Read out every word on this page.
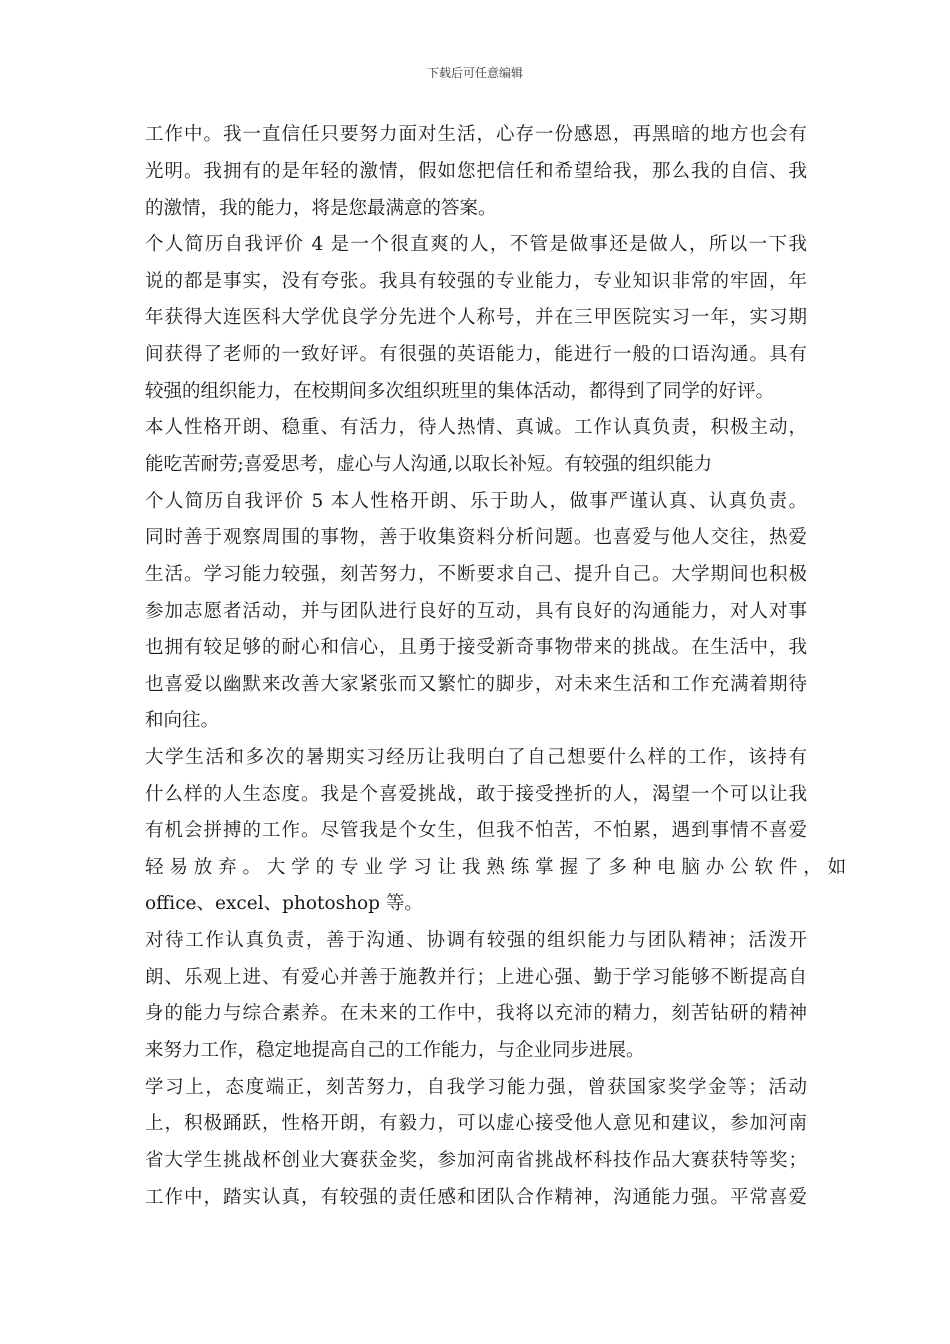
下载后可任意编辑
工作中。我一直信任只要努力面对生活，心存一份感恩，再黑暗的地方也会有
光明。我拥有的是年轻的激情，假如您把信任和希望给我，那么我的自信、我
的激情，我的能力，将是您最满意的答案。
个人简历自我评价 4 是一个很直爽的人，不管是做事还是做人，所以一下我
说的都是事实，没有夸张。我具有较强的专业能力，专业知识非常的牢固，年
年获得大连医科大学优良学分先进个人称号，并在三甲医院实习一年，实习期
间获得了老师的一致好评。有很强的英语能力，能进行一般的口语沟通。具有
较强的组织能力，在校期间多次组织班里的集体活动，都得到了同学的好评。
本人性格开朗、稳重、有活力，待人热情、真诚。工作认真负责，积极主动，
能吃苦耐劳;喜爱思考，虚心与人沟通,以取长补短。有较强的组织能力
个人简历自我评价 5 本人性格开朗、乐于助人，做事严谨认真、认真负责。
同时善于观察周围的事物，善于收集资料分析问题。也喜爱与他人交往，热爱
生活。学习能力较强，刻苦努力，不断要求自己、提升自己。大学期间也积极
参加志愿者活动，并与团队进行良好的互动，具有良好的沟通能力，对人对事
也拥有较足够的耐心和信心，且勇于接受新奇事物带来的挑战。在生活中，我
也喜爱以幽默来改善大家紧张而又繁忙的脚步，对未来生活和工作充满着期待
和向往。
大学生活和多次的暑期实习经历让我明白了自己想要什么样的工作，该持有
什么样的人生态度。我是个喜爱挑战，敢于接受挫折的人，渴望一个可以让我
有机会拼搏的工作。尽管我是个女生，但我不怕苦，不怕累，遇到事情不喜爱
轻 易 放 弃 。 大 学 的 专 业 学 习 让 我 熟 练 掌 握 了 多 种 电 脑 办 公 软 件 ， 如
office、excel、photoshop 等。
对待工作认真负责，善于沟通、协调有较强的组织能力与团队精神；活泼开
朗、乐观上进、有爱心并善于施教并行；上进心强、勤于学习能够不断提高自
身的能力与综合素养。在未来的工作中，我将以充沛的精力，刻苦钻研的精神
来努力工作，稳定地提高自己的工作能力，与企业同步进展。
学习上，态度端正，刻苦努力，自我学习能力强，曾获国家奖学金等；活动
上，积极踊跃，性格开朗，有毅力，可以虚心接受他人意见和建议，参加河南
省大学生挑战杯创业大赛获金奖，参加河南省挑战杯科技作品大赛获特等奖；
工作中，踏实认真，有较强的责任感和团队合作精神，沟通能力强。平常喜爱
